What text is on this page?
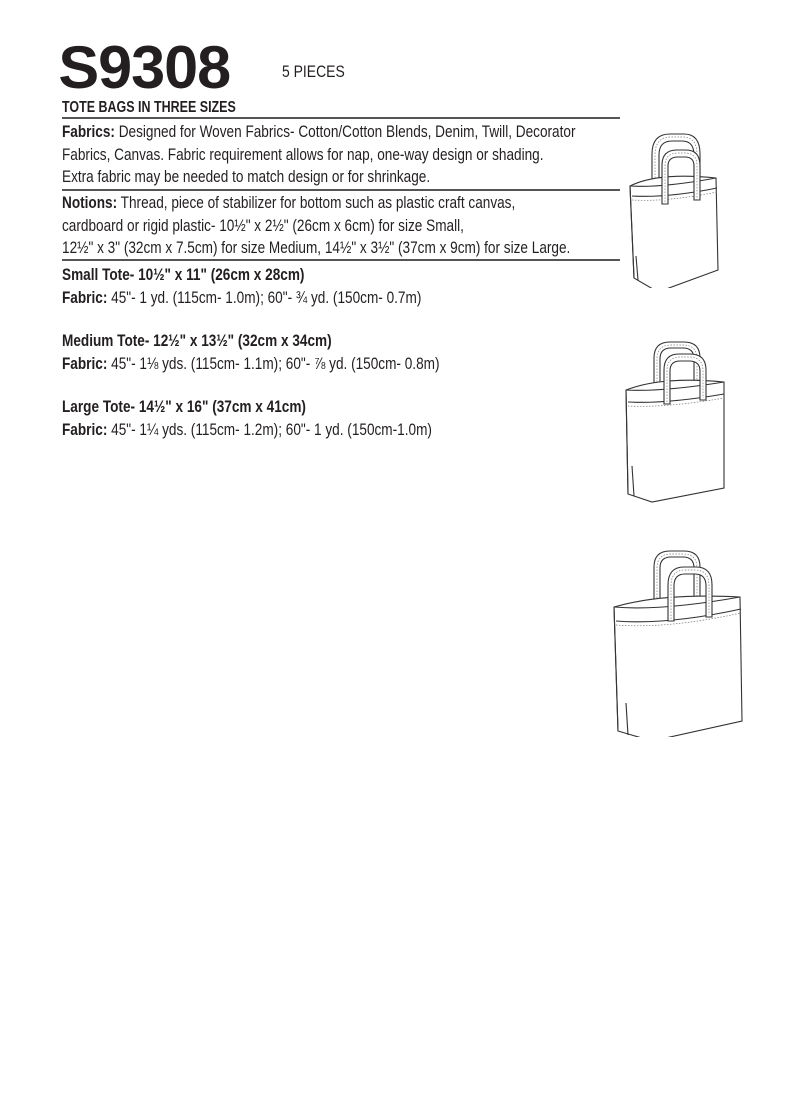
S9308	5 PIECES
TOTE BAGS IN THREE SIZES
Fabrics: Designed for Woven Fabrics- Cotton/Cotton Blends, Denim, Twill, Decorator
Fabrics, Canvas. Fabric requirement allows for nap, one-way design or shading.
Extra fabric may be needed to match design or for shrinkage.
Notions: Thread, piece of stabilizer for bottom such as plastic craft canvas,
cardboard or rigid plastic- 10½" x 2½" (26cm x 6cm) for size Small,
12½" x 3" (32cm x 7.5cm) for size Medium, 14½" x 3½" (37cm x 9cm) for size Large.
Small Tote- 10½" x 11" (26cm x 28cm)
Fabric: 45"- 1 yd. (115cm- 1.0m); 60"- ¾ yd. (150cm- 0.7m)
Medium Tote- 12½" x 13½" (32cm x 34cm)
Fabric: 45"- 1⅛ yds. (115cm- 1.1m); 60"- ⅞ yd. (150cm- 0.8m)
Large Tote- 14½" x 16" (37cm x 41cm)
Fabric: 45"- 1¼ yds. (115cm- 1.2m); 60"- 1 yd. (150cm-1.0m)
